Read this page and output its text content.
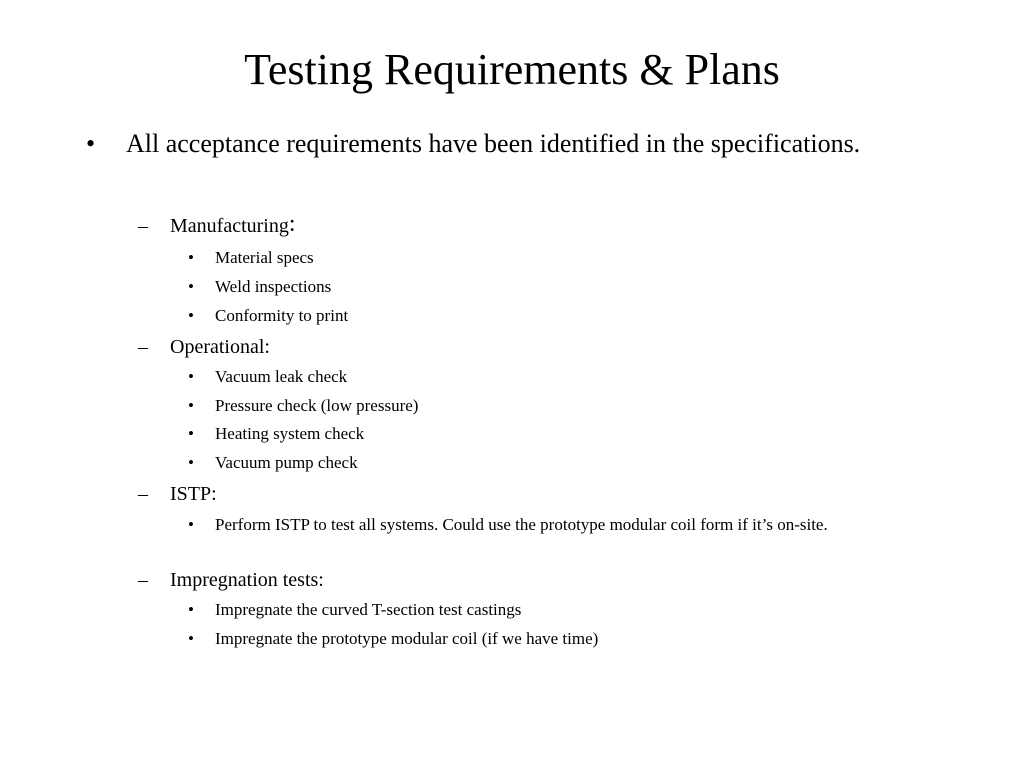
Testing Requirements & Plans
•	All acceptance requirements have been identified in the specifications.
–	Manufacturing :
•	Material specs
•	Weld inspections
•	Conformity to print
–	Operational:
•	Vacuum leak check
•	Pressure check (low pressure)
•	Heating system check
•	Vacuum pump check
–	ISTP:
•	Perform ISTP to test all systems. Could use the prototype modular coil form if it’s on-site.
–	Impregnation tests:
•	Impregnate the curved T-section test castings
•	Impregnate the prototype modular coil (if we have time)
